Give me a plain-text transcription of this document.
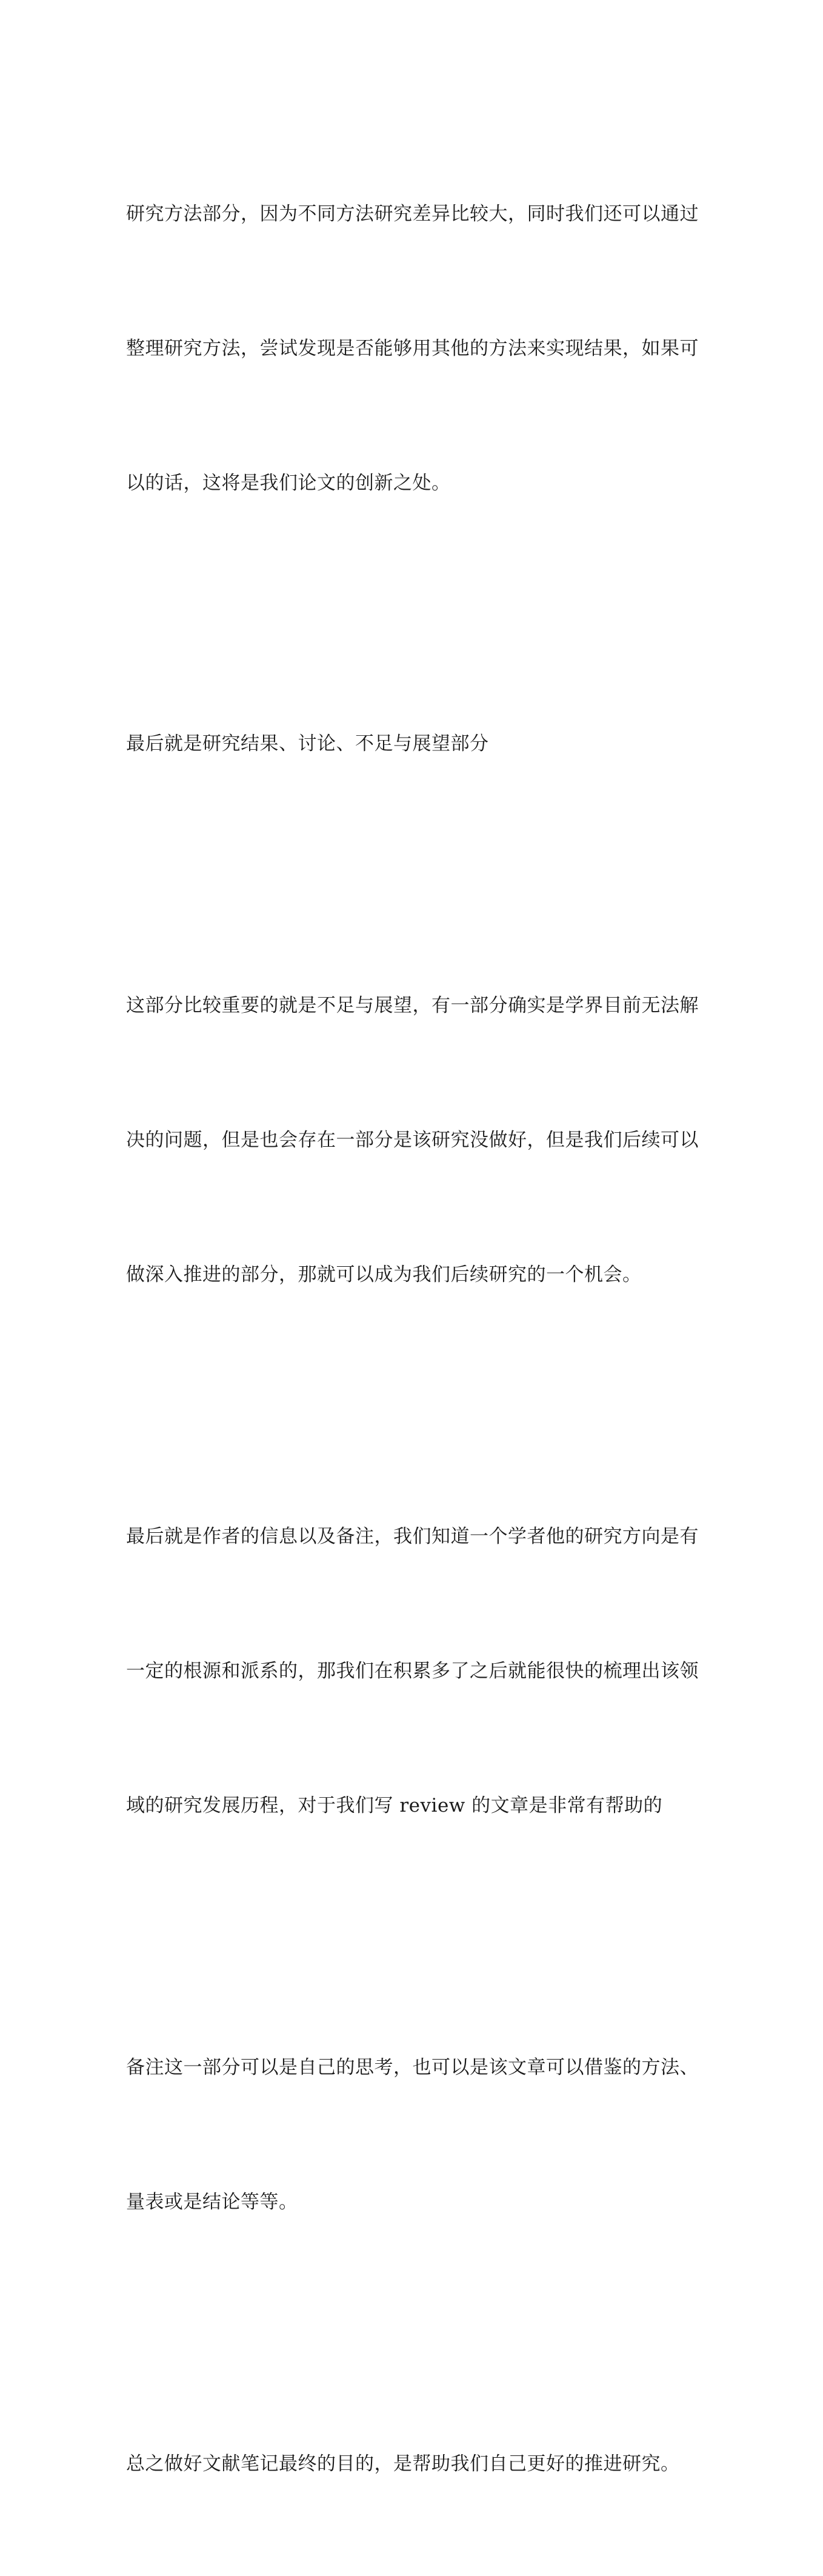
研究方法部分，因为不同方法研究差异比较大，同时我们还可以通过

整理研究方法，尝试发现是否能够用其他的方法来实现结果，如果可

以的话，这将是我们论文的创新之处。

最后就是研究结果、讨论、不足与展望部分

这部分比较重要的就是不足与展望，有一部分确实是学界目前无法解

决的问题，但是也会存在一部分是该研究没做好，但是我们后续可以

做深入推进的部分，那就可以成为我们后续研究的一个机会。

最后就是作者的信息以及备注，我们知道一个学者他的研究方向是有

一定的根源和派系的，那我们在积累多了之后就能很快的梳理出该领

域的研究发展历程，对于我们写 review 的文章是非常有帮助的

备注这一部分可以是自己的思考，也可以是该文章可以借鉴的方法、

量表或是结论等等。

总之做好文献笔记最终的目的，是帮助我们自己更好的推进研究。
